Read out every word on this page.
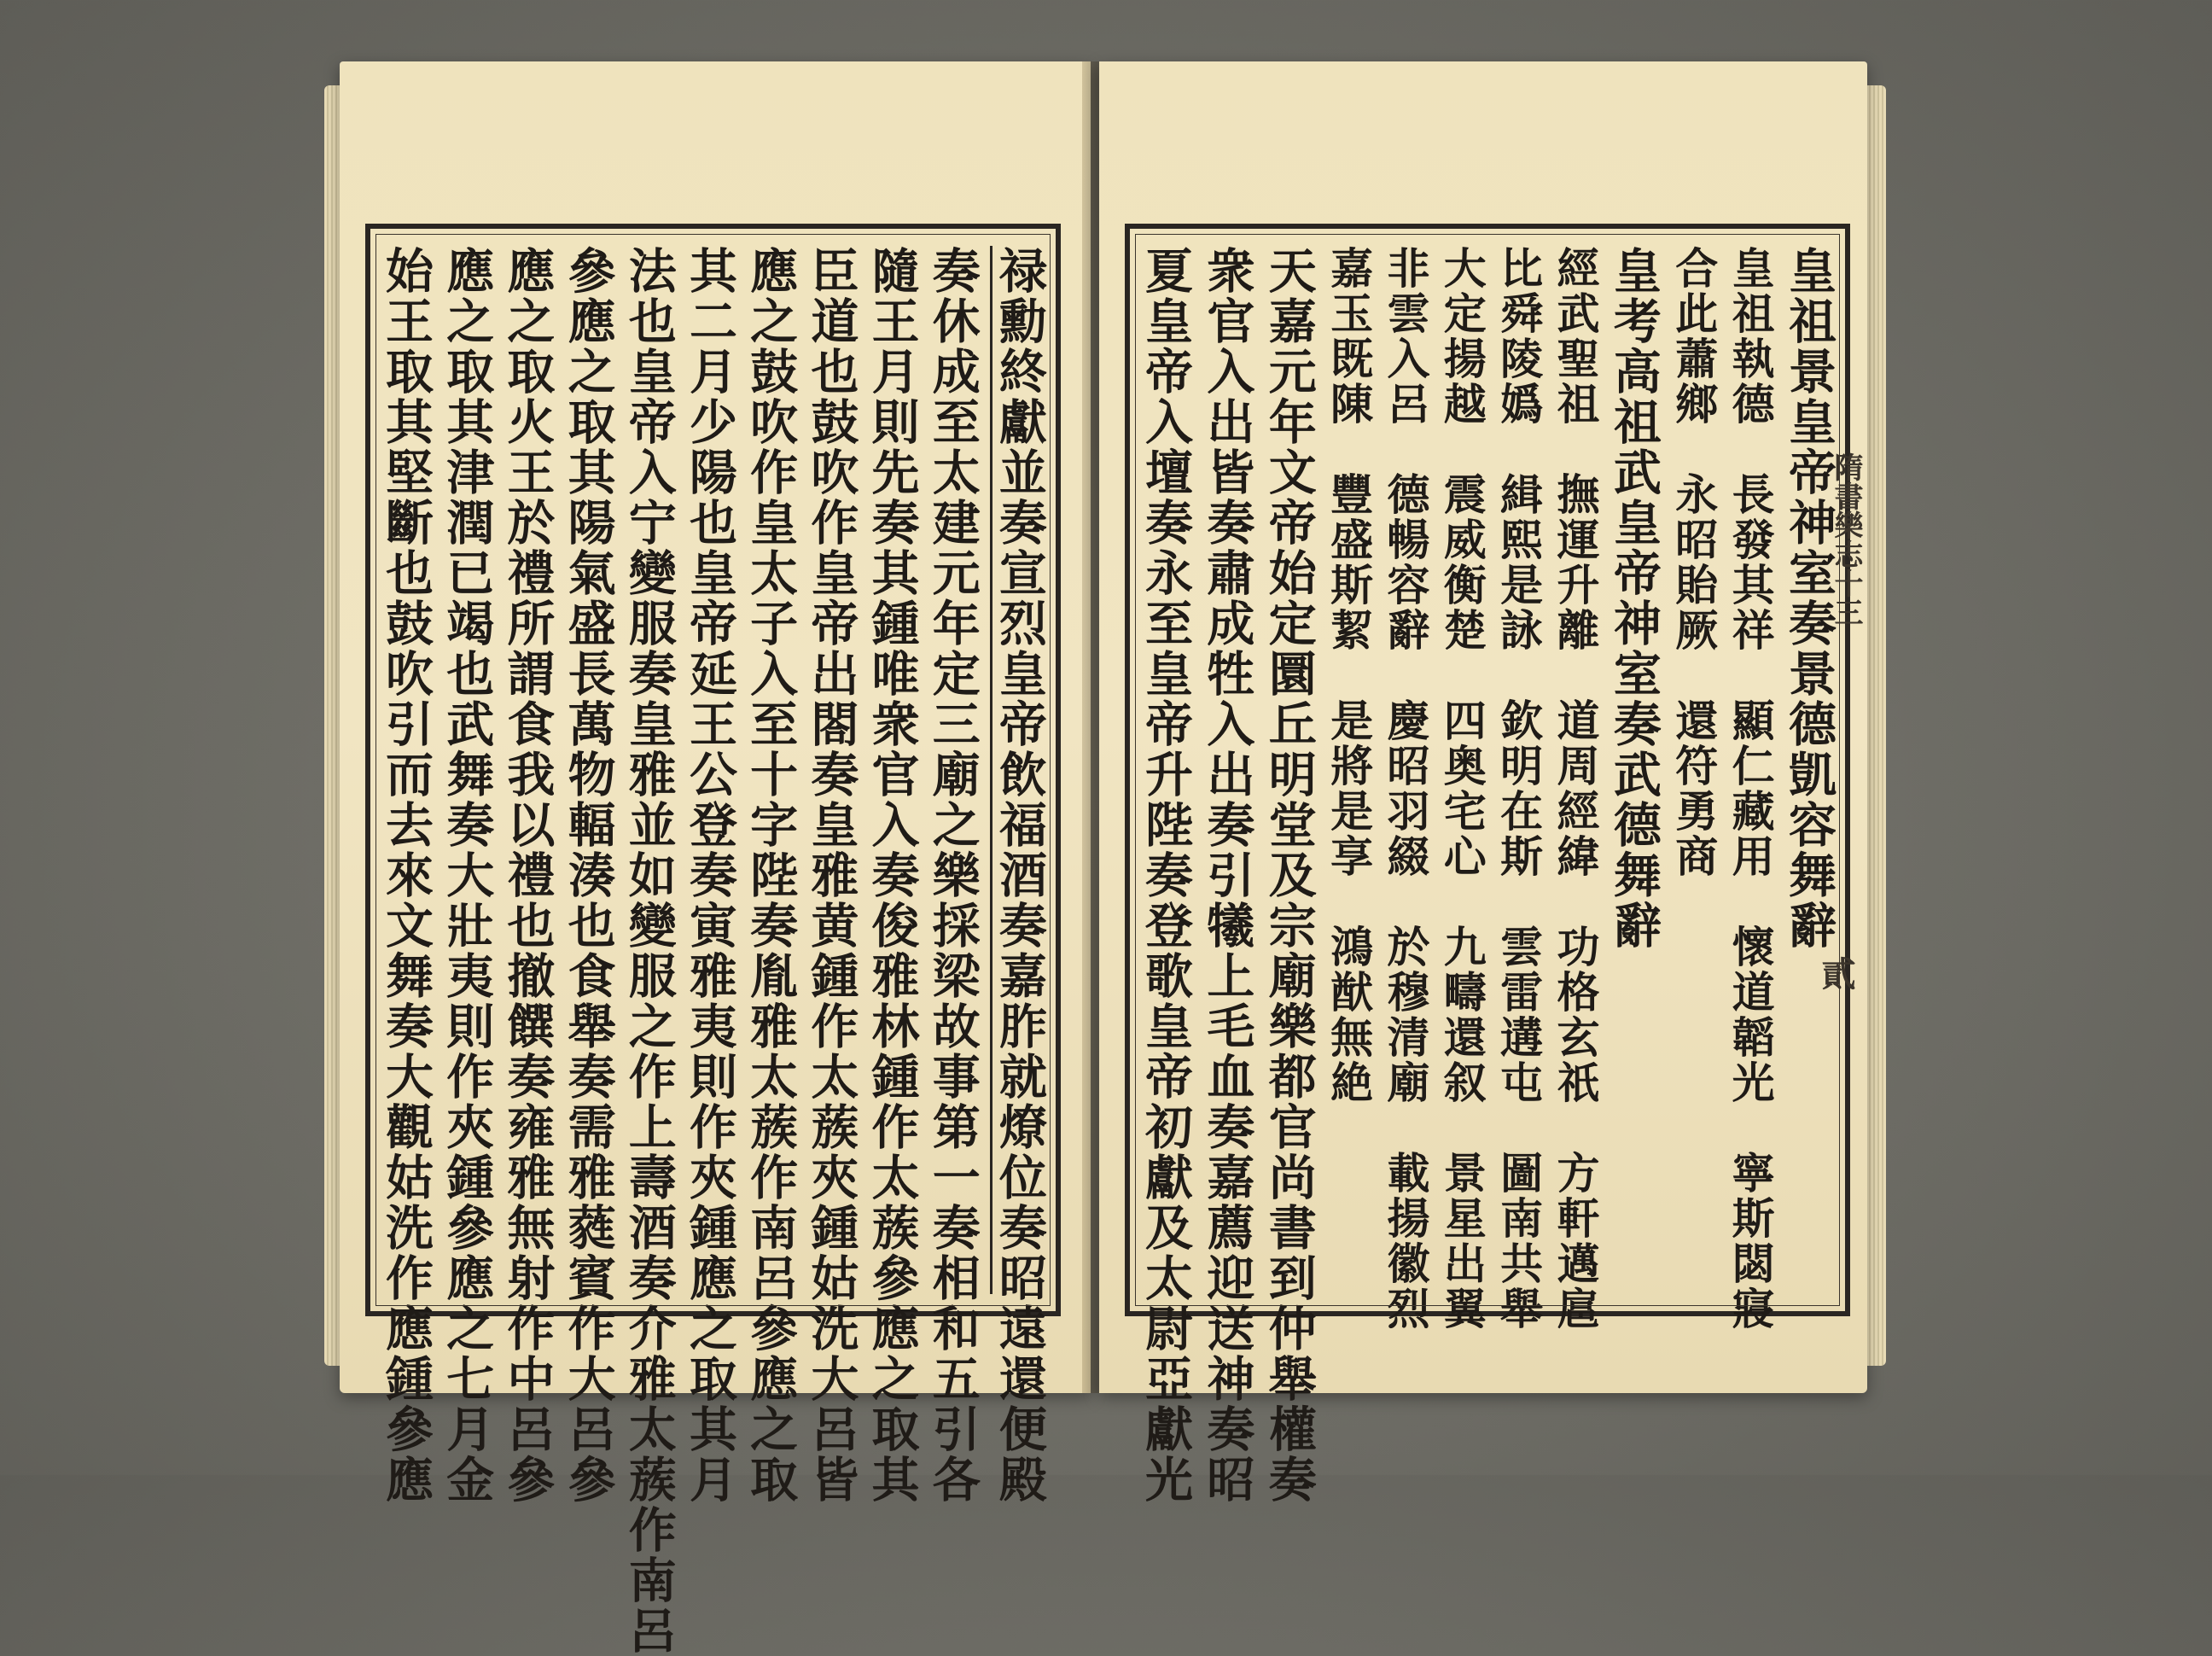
禄勳終獻並奏宣烈皇帝飲福酒奏嘉胙就燎位奏昭遠還便殿
奏休成至太建元年定三廟之樂採梁故事第一奏相和五引各
隨王月則先奏其鍾唯衆官入奏俊雅林鍾作太蔟參應之取其
臣道也鼓吹作皇帝出閤奏皇雅黄鍾作太蔟夾鍾姑洗大呂皆
應之鼓吹作皇太子入至十字陛奏胤雅太蔟作南呂參應之取
其二月少陽也皇帝延王公登奏寅雅夷則作夾鍾應之取其月
法也皇帝入宁變服奏皇雅並如變服之作上壽酒奏介雅太蔟作南呂
參應之取其陽氣盛長萬物輻湊也食舉奏需雅蕤賓作大呂參
應之取火王於禮所謂食我以禮也撤饌奏雍雅無射作中呂參
應之取其津潤已竭也武舞奏大壯夷則作夾鍾參應之七月金
始王取其堅斷也鼓吹引而去來文舞奏大觀姑洗作應鍾參應	皇祖景皇帝神室奏景德凱容舞辭
皇祖執德　長發其祥　顯仁藏用　懷道韜光　寧斯閟寢
合此蕭鄉　永昭貽厥　還符勇商
皇考高祖武皇帝神室奏武德舞辭
經武聖祖　撫運升離　道周經緯　功格玄祇　方軒邁扈
比舜陵嬀　緝熙是詠　欽明在斯　雲雷遘屯　圖南共舉
大定揚越　震威衡楚　四奥宅心　九疇還叙　景星出翼
非雲入呂　德暢容辭　慶昭羽綴　於穆清廟　載揚徽烈
嘉玉既陳　豐盛斯絜　是將是享　鴻猷無絶
天嘉元年文帝始定圜丘明堂及宗廟樂都官尚書到仲舉權奏
衆官入出皆奏肅成牲入出奏引犧上毛血奏嘉薦迎送神奏昭
夏皇帝入壇奏永至皇帝升陛奏登歌皇帝初獻及太尉亞獻光	隋書樂志十三
貳
